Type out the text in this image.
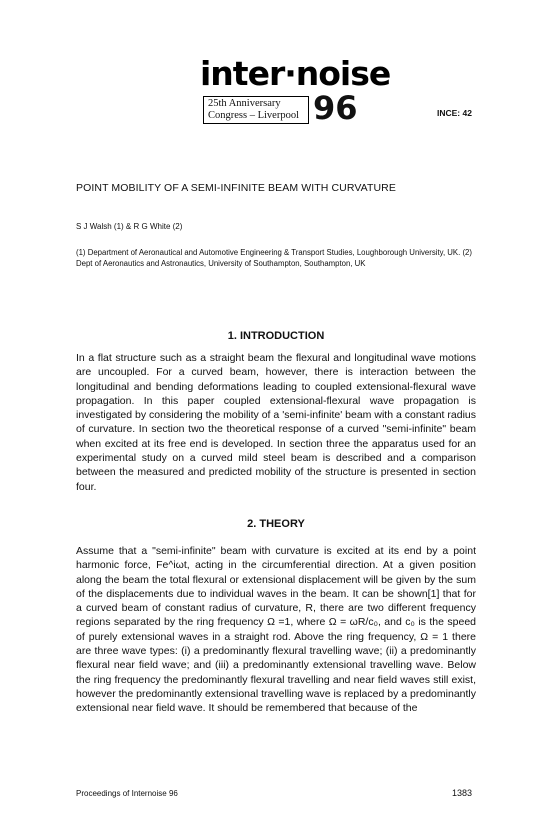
inter·noise
25th Anniversary
Congress – Liverpool 96	INCE: 42
POINT MOBILITY OF A SEMI-INFINITE BEAM WITH CURVATURE
S J Walsh (1) & R G White (2)
(1) Department of Aeronautical and Automotive Engineering & Transport Studies, Loughborough University, UK. (2) Dept of Aeronautics and Astronautics, University of Southampton, Southampton, UK
1. INTRODUCTION
In a flat structure such as a straight beam the flexural and longitudinal wave motions are uncoupled. For a curved beam, however, there is interaction between the longitudinal and bending deformations leading to coupled extensional-flexural wave propagation. In this paper coupled extensional-flexural wave propagation is investigated by considering the mobility of a 'semi-infinite' beam with a constant radius of curvature. In section two the theoretical response of a curved "semi-infinite" beam when excited at its free end is developed. In section three the apparatus used for an experimental study on a curved mild steel beam is described and a comparison between the measured and predicted mobility of the structure is presented in section four.
2. THEORY
Assume that a "semi-infinite" beam with curvature is excited at its end by a point harmonic force, Fe^iωt, acting in the circumferential direction. At a given position along the beam the total flexural or extensional displacement will be given by the sum of the displacements due to individual waves in the beam. It can be shown[1] that for a curved beam of constant radius of curvature, R, there are two different frequency regions separated by the ring frequency Ω =1, where Ω = ωR/c₀, and c₀ is the speed of purely extensional waves in a straight rod. Above the ring frequency, Ω = 1 there are three wave types: (i) a predominantly flexural travelling wave; (ii) a predominantly flexural near field wave; and (iii) a predominantly extensional travelling wave. Below the ring frequency the predominantly flexural travelling and near field waves still exist, however the predominantly extensional travelling wave is replaced by a predominantly extensional near field wave. It should be remembered that because of the
Proceedings of Internoise 96	1383
